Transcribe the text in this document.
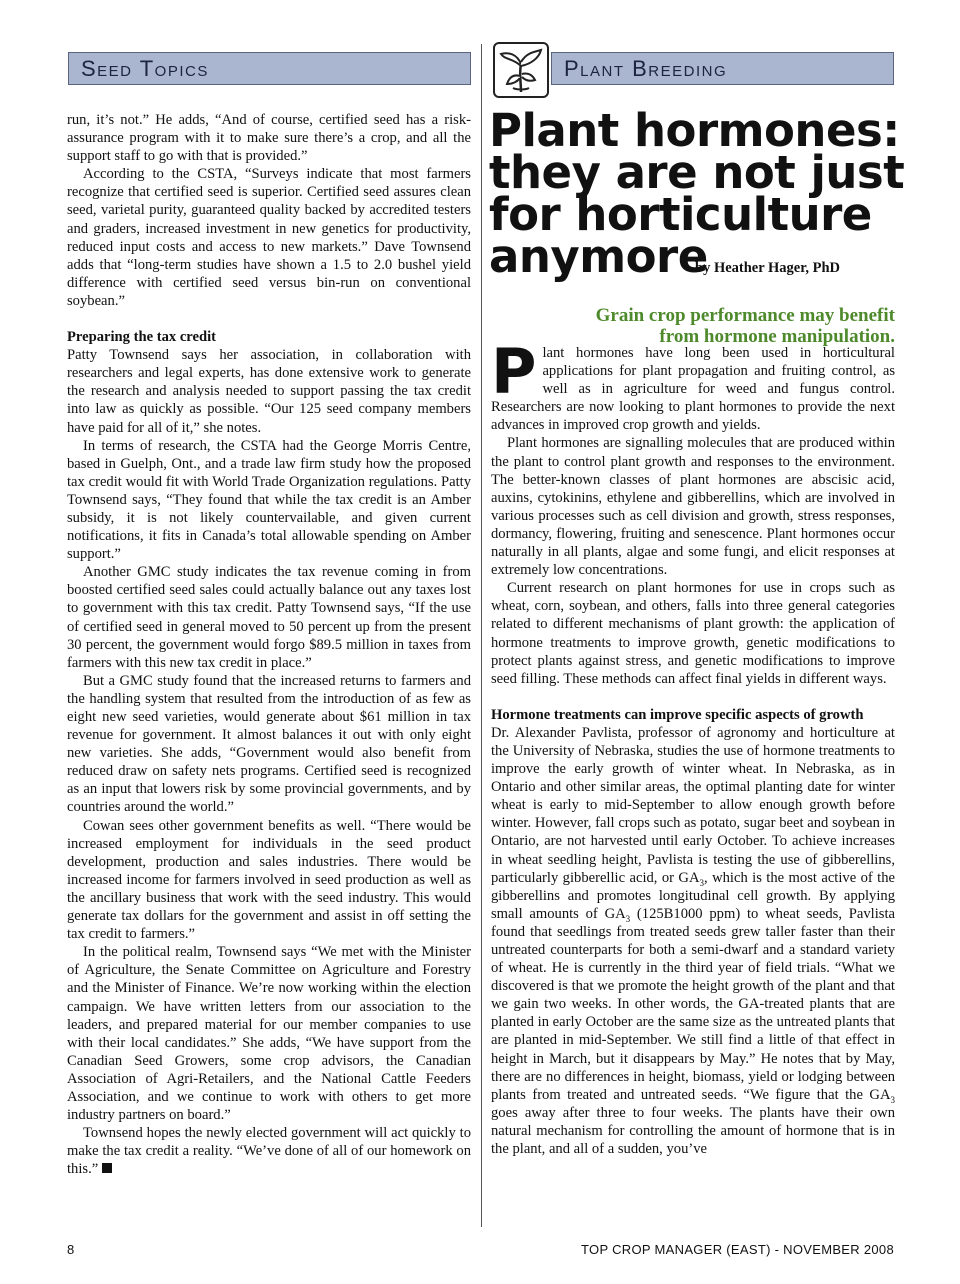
Seed Topics	Plant Breeding

run, it’s not.” He adds, “And of course, certified seed has a risk-assurance program with it to make sure there’s a crop, and all the support staff to go with that is provided.”

According to the CSTA, “Surveys indicate that most farmers recognize that certified seed is superior. Certified seed assures clean seed, varietal purity, guaranteed quality backed by accredited testers and graders, increased investment in new genetics for productivity, reduced input costs and access to new markets.” Dave Townsend adds that “long-term studies have shown a 1.5 to 2.0 bushel yield difference with certified seed versus bin-run on conventional soybean.”

Preparing the tax credit

Patty Townsend says her association, in collaboration with researchers and legal experts, has done extensive work to generate the research and analysis needed to support passing the tax credit into law as quickly as possible. “Our 125 seed company members have paid for all of it,” she notes.

In terms of research, the CSTA had the George Morris Centre, based in Guelph, Ont., and a trade law firm study how the proposed tax credit would fit with World Trade Organization regulations. Patty Townsend says, “They found that while the tax credit is an Amber subsidy, it is not likely countervailable, and given current notifications, it fits in Canada’s total allowable spending on Amber support.”

Another GMC study indicates the tax revenue coming in from boosted certified seed sales could actually balance out any taxes lost to government with this tax credit. Patty Townsend says, “If the use of certified seed in general moved to 50 percent up from the present 30 percent, the government would forgo $89.5 million in taxes from farmers with this new tax credit in place.”

But a GMC study found that the increased returns to farmers and the handling system that resulted from the introduction of as few as eight new seed varieties, would generate about $61 million in tax revenue for government. It almost balances it out with only eight new varieties. She adds, “Government would also benefit from reduced draw on safety nets programs. Certified seed is recognized as an input that lowers risk by some provincial governments, and by countries around the world.”

Cowan sees other government benefits as well. “There would be increased employment for individuals in the seed product development, production and sales industries. There would be increased income for farmers involved in seed production as well as the ancillary business that work with the seed industry. This would generate tax dollars for the government and assist in off setting the tax credit to farmers.”

In the political realm, Townsend says “We met with the Minister of Agriculture, the Senate Committee on Agriculture and Forestry and the Minister of Finance. We’re now working within the election campaign. We have written letters from our association to the leaders, and prepared material for our member companies to use with their local candidates.” She adds, “We have support from the Canadian Seed Growers, some crop advisors, the Canadian Association of Agri-Retailers, and the National Cattle Feeders Association, and we continue to work with others to get more industry partners on board.”

Townsend hopes the newly elected government will act quickly to make the tax credit a reality. “We’ve done of all of our homework on this.”

Plant hormones:
they are not just
for horticulture
anymore
by Heather Hager, PhD
Grain crop performance may benefit
from hormone manipulation.

Plant hormones have long been used in horticultural applications for plant propagation and fruiting control, as well as in agriculture for weed and fungus control. Researchers are now looking to plant hormones to provide the next advances in improved crop growth and yields.

Plant hormones are signalling molecules that are produced within the plant to control plant growth and responses to the environment. The better-known classes of plant hormones are abscisic acid, auxins, cytokinins, ethylene and gibberellins, which are involved in various processes such as cell division and growth, stress responses, dormancy, flowering, fruiting and senescence. Plant hormones occur naturally in all plants, algae and some fungi, and elicit responses at extremely low concentrations.

Current research on plant hormones for use in crops such as wheat, corn, soybean, and others, falls into three general categories related to different mechanisms of plant growth: the application of hormone treatments to improve growth, genetic modifications to protect plants against stress, and genetic modifications to improve seed filling. These methods can affect final yields in different ways.

Hormone treatments can improve specific aspects of growth

Dr. Alexander Pavlista, professor of agronomy and horticulture at the University of Nebraska, studies the use of hormone treatments to improve the early growth of winter wheat. In Nebraska, as in Ontario and other similar areas, the optimal planting date for winter wheat is early to mid-September to allow enough growth before winter. However, fall crops such as potato, sugar beet and soybean in Ontario, are not harvested until early October. To achieve increases in wheat seedling height, Pavlista is testing the use of gibberellins, particularly gibberellic acid, or $GA_3$, which is the most active of the gibberellins and promotes longitudinal cell growth. By applying small amounts of $GA_3$ (125B1000 ppm) to wheat seeds, Pavlista found that seedlings from treated seeds grew taller faster than their untreated counterparts for both a semi-dwarf and a standard variety of wheat. He is currently in the third year of field trials. “What we discovered is that we promote the height growth of the plant and that we gain two weeks. In other words, the GA-treated plants that are planted in early October are the same size as the untreated plants that are planted in mid-September. We still find a little of that effect in height in March, but it disappears by May.” He notes that by May, there are no differences in height, biomass, yield or lodging between plants from treated and untreated seeds. “We figure that the $GA_3$ goes away after three to four weeks. The plants have their own natural mechanism for controlling the amount of hormone that is in the plant, and all of a sudden, you’ve

8	TOP CROP MANAGER (EAST) - NOVEMBER 2008
